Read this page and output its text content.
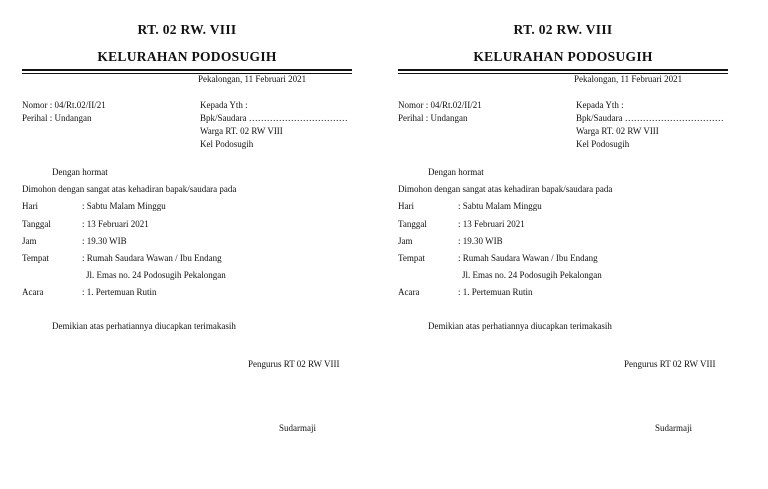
RT. 02 RW. VIII
KELURAHAN PODOSUGIH
Pekalongan, 11 Februari 2021
Nomor : 04/Rt.02/II/21
Perihal : Undangan
Kepada Yth :
Bpk/Saudara ……………………………
Warga RT. 02 RW VIII
Kel Podosugih
Dengan hormat
Dimohon dengan sangat atas kehadiran bapak/saudara pada
Hari	: Sabtu Malam Minggu
Tanggal	: 13 Februari 2021
Jam	: 19.30 WIB
Tempat	: Rumah Saudara Wawan / Ibu Endang
Jl. Emas no. 24 Podosugih Pekalongan
Acara	: 1. Pertemuan Rutin
Demikian atas perhatiannya diucapkan terimakasih
Pengurus RT 02 RW VIII
Sudarmaji
RT. 02 RW. VIII
KELURAHAN PODOSUGIH
Pekalongan, 11 Februari 2021
Nomor : 04/Rt.02/II/21
Perihal : Undangan
Kepada Yth :
Bpk/Saudara ……………………………
Warga RT. 02 RW VIII
Kel Podosugih
Dengan hormat
Dimohon dengan sangat atas kehadiran bapak/saudara pada
Hari	: Sabtu Malam Minggu
Tanggal	: 13 Februari 2021
Jam	: 19.30 WIB
Tempat	: Rumah Saudara Wawan / Ibu Endang
Jl. Emas no. 24 Podosugih Pekalongan
Acara	: 1. Pertemuan Rutin
Demikian atas perhatiannya diucapkan terimakasih
Pengurus RT 02 RW VIII
Sudarmaji
